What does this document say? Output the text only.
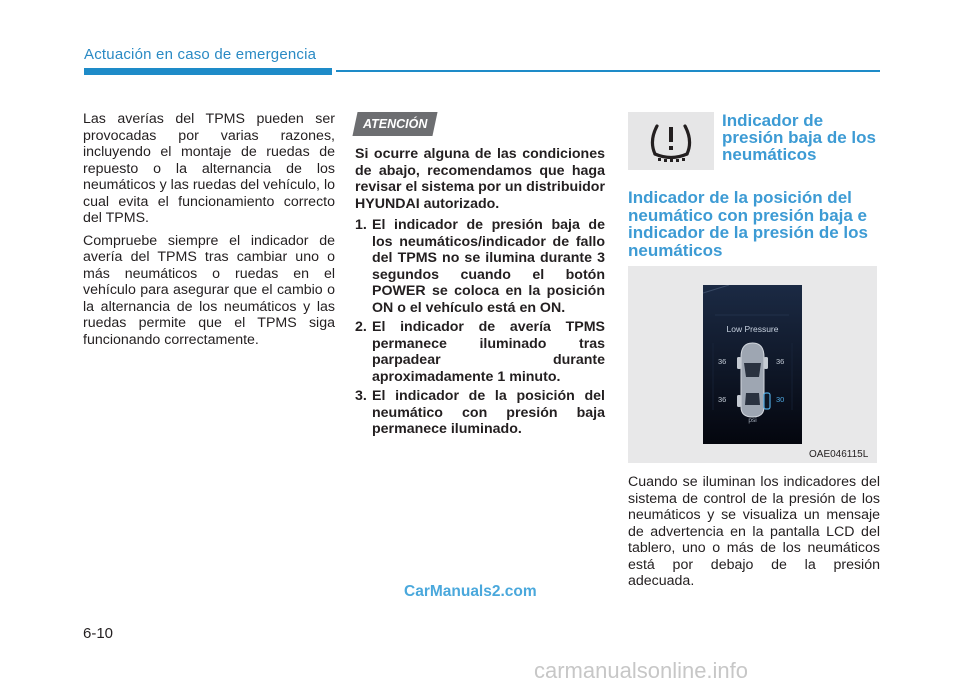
Actuación en caso de emergencia

Las averías del TPMS pueden ser provocadas por varias razones, incluyendo el montaje de ruedas de repuesto o la alternancia de los neumáticos y las ruedas del vehículo, lo cual evita el funcionamiento correcto del TPMS.

Compruebe siempre el indicador de avería del TPMS tras cambiar uno o más neumáticos o ruedas en el vehículo para asegurar que el cambio o la alternancia de los neumáticos y las ruedas permite que el TPMS siga funcionando correctamente.

ATENCIÓN
Si ocurre alguna de las condiciones de abajo, recomendamos que haga revisar el sistema por un distribuidor HYUNDAI autorizado.
1. El indicador de presión baja de los neumáticos/indicador de fallo del TPMS no se ilumina durante 3 segundos cuando el botón POWER se coloca en la posición ON o el vehículo está en ON.
2. El indicador de avería TPMS permanece iluminado tras parpadear durante aproximadamente 1 minuto.
3. El indicador de la posición del neumático con presión baja permanece iluminado.
Indicador de presión baja de los neumáticos
Indicador de la posición del neumático con presión baja e indicador de la presión de los neumáticos
Low Pressure
36	36
36	30
psi
OAE046115L

Cuando se iluminan los indicadores del sistema de control de la presión de los neumáticos y se visualiza un mensaje de advertencia en la pantalla LCD del tablero, uno o más de los neumáticos está por debajo de la presión adecuada.

6-10
CarManuals2.com
carmanualsonline.info
